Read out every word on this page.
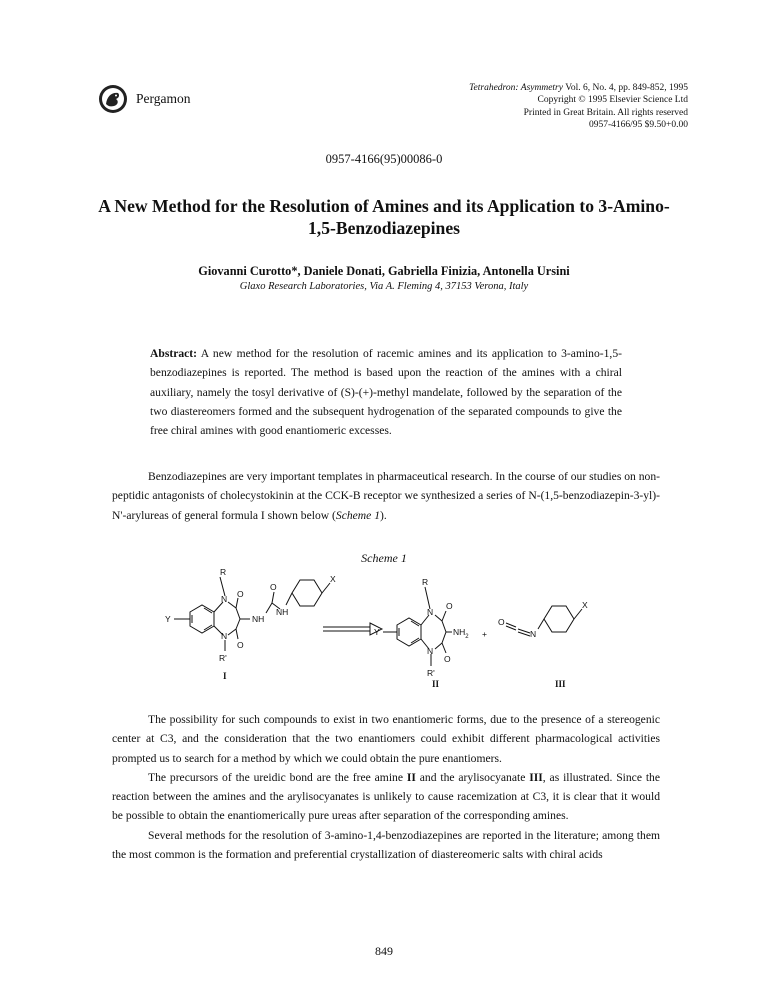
Pergamon
Tetrahedron: Asymmetry Vol. 6, No. 4, pp. 849-852, 1995
Copyright © 1995 Elsevier Science Ltd
Printed in Great Britain. All rights reserved
0957-4166/95 $9.50+0.00
0957-4166(95)00086-0
A New Method for the Resolution of Amines and its Application to 3-Amino-1,5-Benzodiazepines
Giovanni Curotto*, Daniele Donati, Gabriella Finizia, Antonella Ursini
Glaxo Research Laboratories, Via A. Fleming 4, 37153 Verona, Italy
Abstract: A new method for the resolution of racemic amines and its application to 3-amino-1,5-benzodiazepines is reported. The method is based upon the reaction of the amines with a chiral auxiliary, namely the tosyl derivative of (S)-(+)-methyl mandelate, followed by the separation of the two diastereomers formed and the subsequent hydrogenation of the separated compounds to give the free chiral amines with good enantiomeric excesses.
Benzodiazepines are very important templates in pharmaceutical research. In the course of our studies on non-peptidic antagonists of cholecystokinin at the CCK-B receptor we synthesized a series of N-(1,5-benzodiazepin-3-yl)-N'-arylureas of general formula I shown below (Scheme 1).
Scheme 1
R
Y
N
N
O
O
NH
O
NH
X
R'
I
R
Y
N
N
O
O
$NH_2$
R'
II
+
O
N
X
III
The possibility for such compounds to exist in two enantiomeric forms, due to the presence of a stereogenic center at C3, and the consideration that the two enantiomers could exhibit different pharmacological activities prompted us to search for a method by which we could obtain the pure enantiomers.
The precursors of the ureidic bond are the free amine II and the arylisocyanate III, as illustrated. Since the reaction between the amines and the arylisocyanates is unlikely to cause racemization at C3, it is clear that it would be possible to obtain the enantiomerically pure ureas after separation of the corresponding amines.
Several methods for the resolution of 3-amino-1,4-benzodiazepines are reported in the literature; among them the most common is the formation and preferential crystallization of diastereomeric salts with chiral acids
849
